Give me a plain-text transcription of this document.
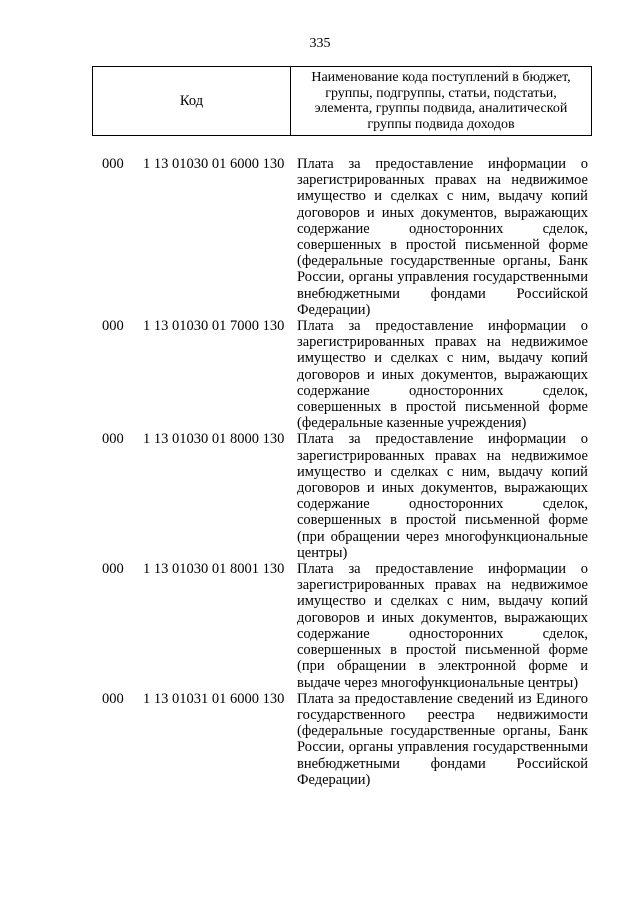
335
Код
Наименование кода поступлений в бюджет, группы, подгруппы, статьи, подстатьи, элемента, группы подвида, аналитической группы подвида доходов
000 1 13 01030 01 6000 130 Плата за предоставление информации о
зарегистрированных правах на недвижимое
имущество и сделках с ним, выдачу копий
договоров и иных документов, выражающих
содержание	односторонних	сделок,
совершенных в простой письменной форме
(федеральные государственные органы, Банк
России, органы управления государственными
внебюджетными фондами Российской
Федерации)
000 1 13 01030 01 7000 130 Плата за предоставление информации о
зарегистрированных правах на недвижимое
имущество и сделках с ним, выдачу копий
договоров и иных документов, выражающих
содержание	односторонних	сделок,
совершенных в простой письменной форме
(федеральные казенные учреждения)
000 1 13 01030 01 8000 130 Плата за предоставление информации о
зарегистрированных правах на недвижимое
имущество и сделках с ним, выдачу копий
договоров и иных документов, выражающих
содержание	односторонних	сделок,
совершенных в простой письменной форме
(при обращении через многофункциональные
центры)
000 1 13 01030 01 8001 130 Плата за предоставление информации о
зарегистрированных правах на недвижимое
имущество и сделках с ним, выдачу копий
договоров и иных документов, выражающих
содержание	односторонних	сделок,
совершенных в простой письменной форме
(при обращении в электронной форме и
выдаче через многофункциональные центры)
000 1 13 01031 01 6000 130 Плата за предоставление сведений из Единого
государственного реестра недвижимости
(федеральные государственные органы, Банк
России, органы управления государственными
внебюджетными фондами Российской
Федерации)
